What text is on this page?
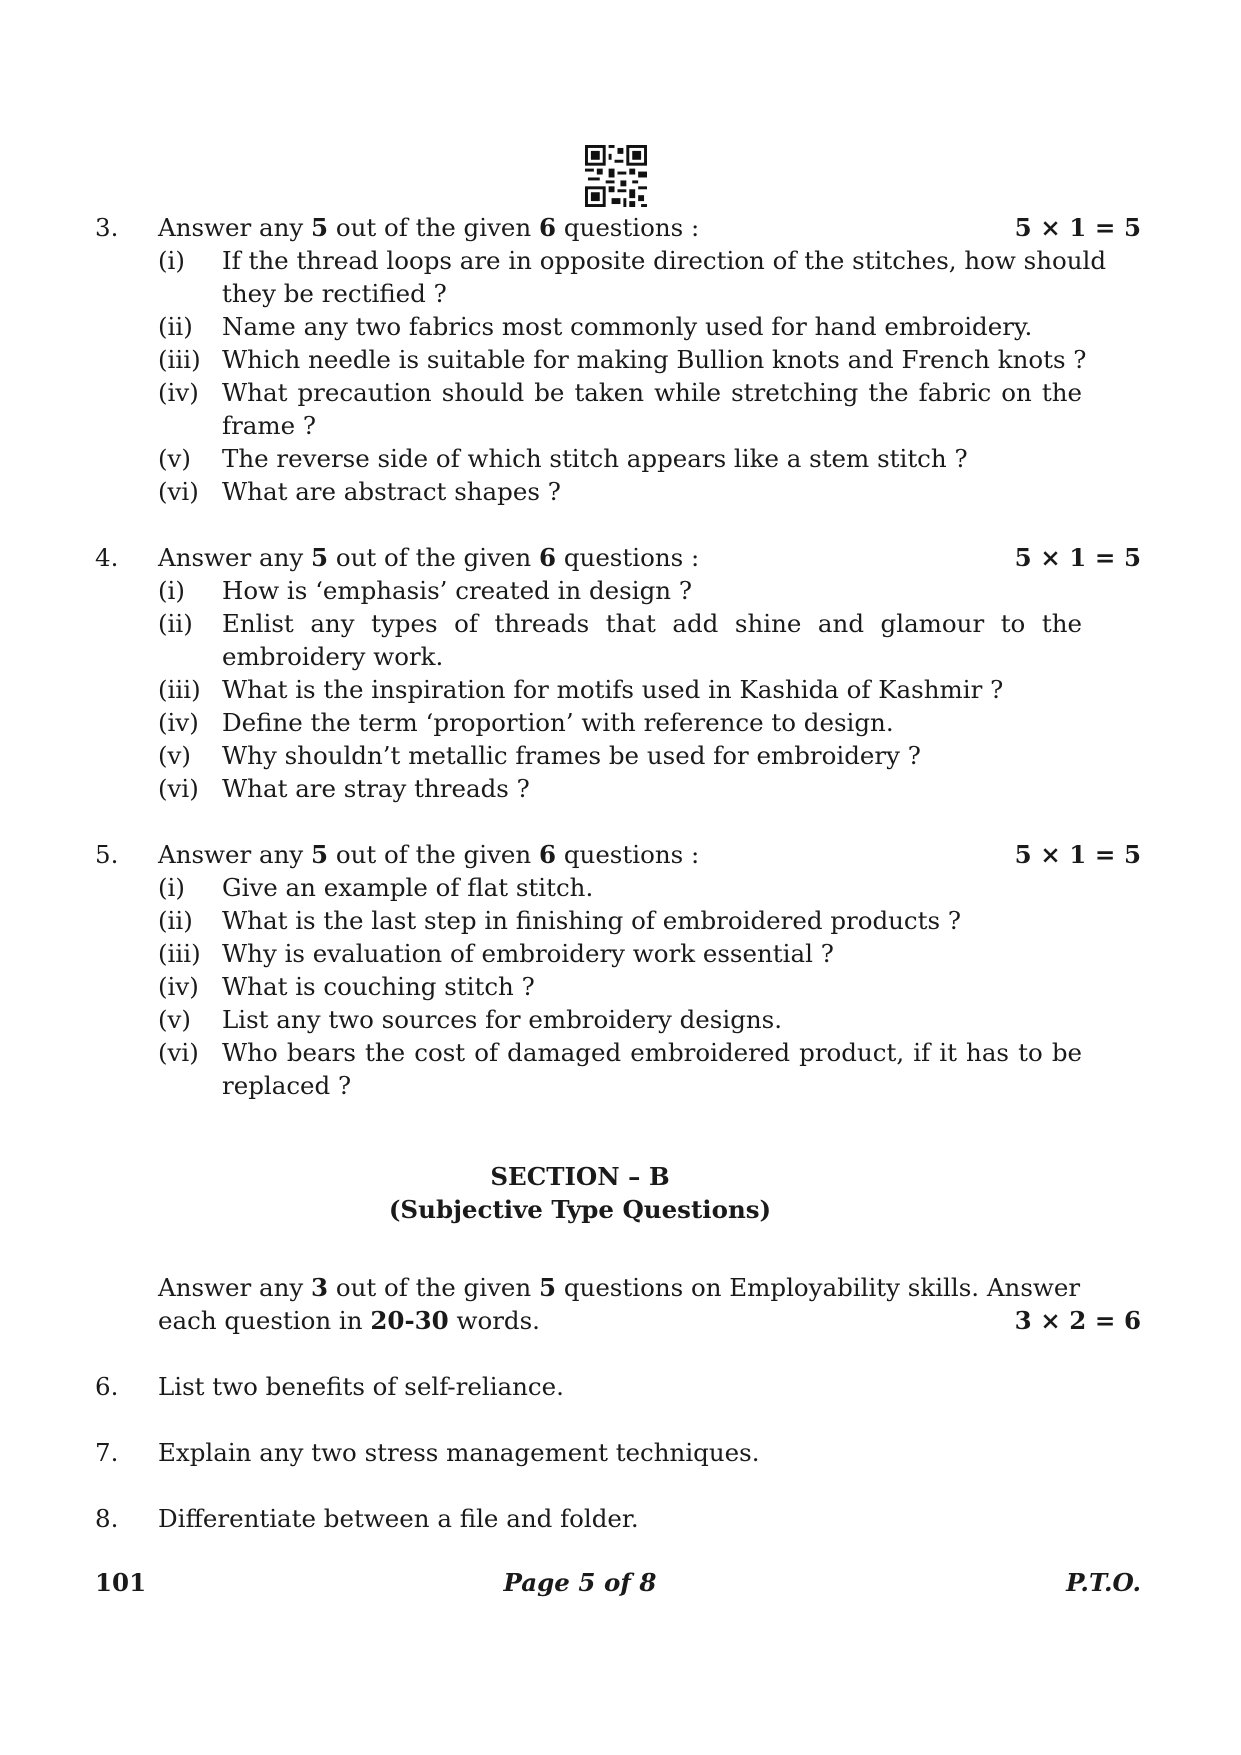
3. Answer any 5 out of the given 6 questions :	5 × 1 = 5
(i) If the thread loops are in opposite direction of the stitches, how should
they be rectified ?
(ii) Name any two fabrics most commonly used for hand embroidery.
(iii) Which needle is suitable for making Bullion knots and French knots ?
(iv) What precaution should be taken while stretching the fabric on the
frame ?
(v) The reverse side of which stitch appears like a stem stitch ?
(vi) What are abstract shapes ?
4. Answer any 5 out of the given 6 questions :	5 × 1 = 5
(i) How is ‘emphasis’ created in design ?
(ii) Enlist any types of threads that add shine and glamour to the
embroidery work.
(iii) What is the inspiration for motifs used in Kashida of Kashmir ?
(iv) Define the term ‘proportion’ with reference to design.
(v) Why shouldn’t metallic frames be used for embroidery ?
(vi) What are stray threads ?
5. Answer any 5 out of the given 6 questions :	5 × 1 = 5
(i) Give an example of flat stitch.
(ii) What is the last step in finishing of embroidered products ?
(iii) Why is evaluation of embroidery work essential ?
(iv) What is couching stitch ?
(v) List any two sources for embroidery designs.
(vi) Who bears the cost of damaged embroidered product, if it has to be
replaced ?
SECTION – B
(Subjective Type Questions)
Answer any 3 out of the given 5 questions on Employability skills. Answer
each question in 20-30 words.	3 × 2 = 6
6. List two benefits of self-reliance.
7. Explain any two stress management techniques.
8. Differentiate between a file and folder.
101	Page 5 of 8	P.T.O.
